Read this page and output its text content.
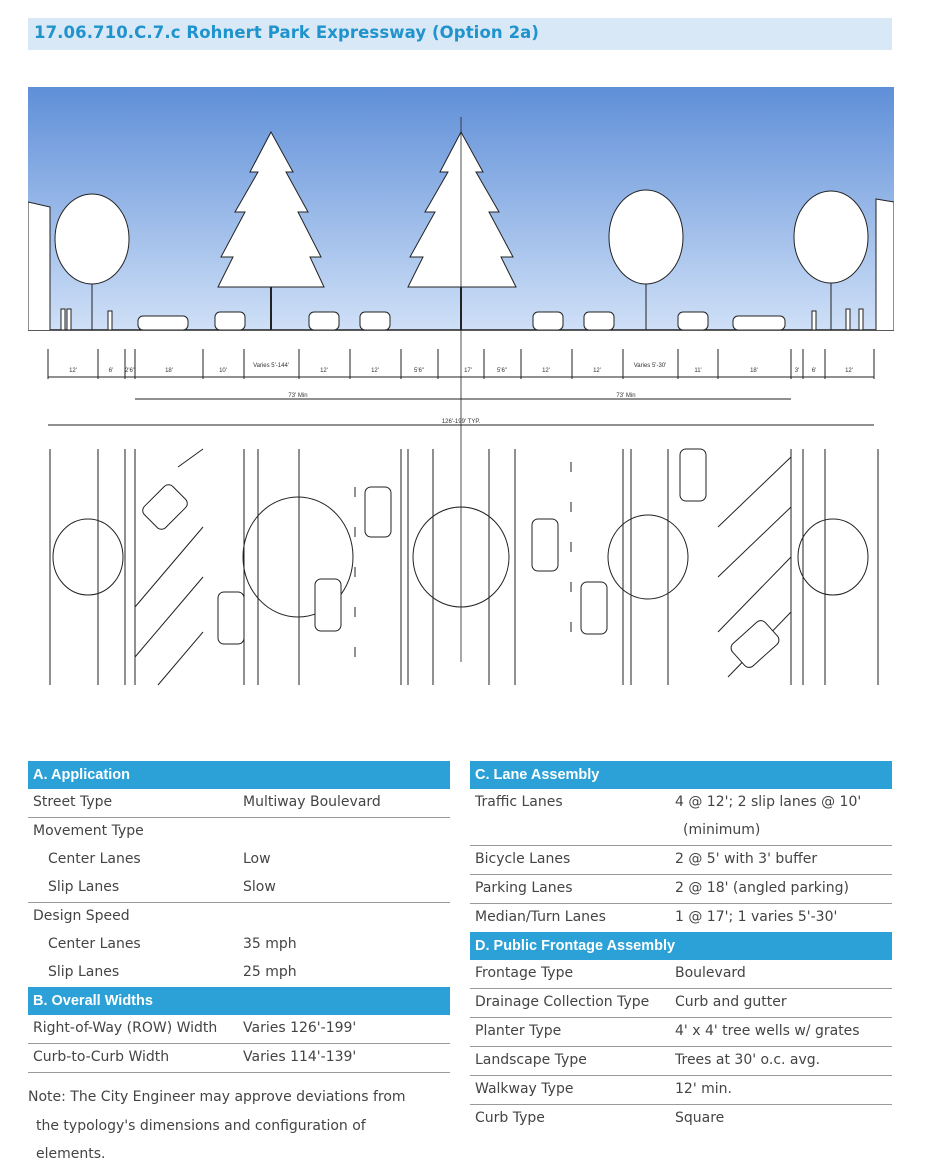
17.06.710.C.7.c Rohnert Park Expressway (Option 2a)
12'	6' 2'6"	18'	10'
Varies 5'-144'
12'	12'	5'6"	17'	5'6"	12'	12'
Varies 5'-30'
11'	18'	3' 6'	12'
73' Min	73' Min
126'-199' TYP.
A. Application
Street Type	Multiway Boulevard
Movement Type
Center Lanes	Low
Slip Lanes	Slow
Design Speed
Center Lanes	35 mph
Slip Lanes	25 mph
B. Overall Widths
Right-of-Way (ROW) Width Varies 126'-199'
Curb-to-Curb Width	Varies 114'-139'
Note: The City Engineer may approve deviations from
the typology's dimensions and configuration of
elements.
C. Lane Assembly
Traffic Lanes	4 @ 12'; 2 slip lanes @ 10'
(minimum)
Bicycle Lanes	2 @ 5' with 3' buffer
Parking Lanes	2 @ 18' (angled parking)
Median/Turn Lanes	1 @ 17'; 1 varies 5'-30'
D. Public Frontage Assembly
Frontage Type	Boulevard
Drainage Collection Type Curb and gutter
Planter Type	4' x 4' tree wells w/ grates
Landscape Type	Trees at 30' o.c. avg.
Walkway Type	12' min.
Curb Type	Square
